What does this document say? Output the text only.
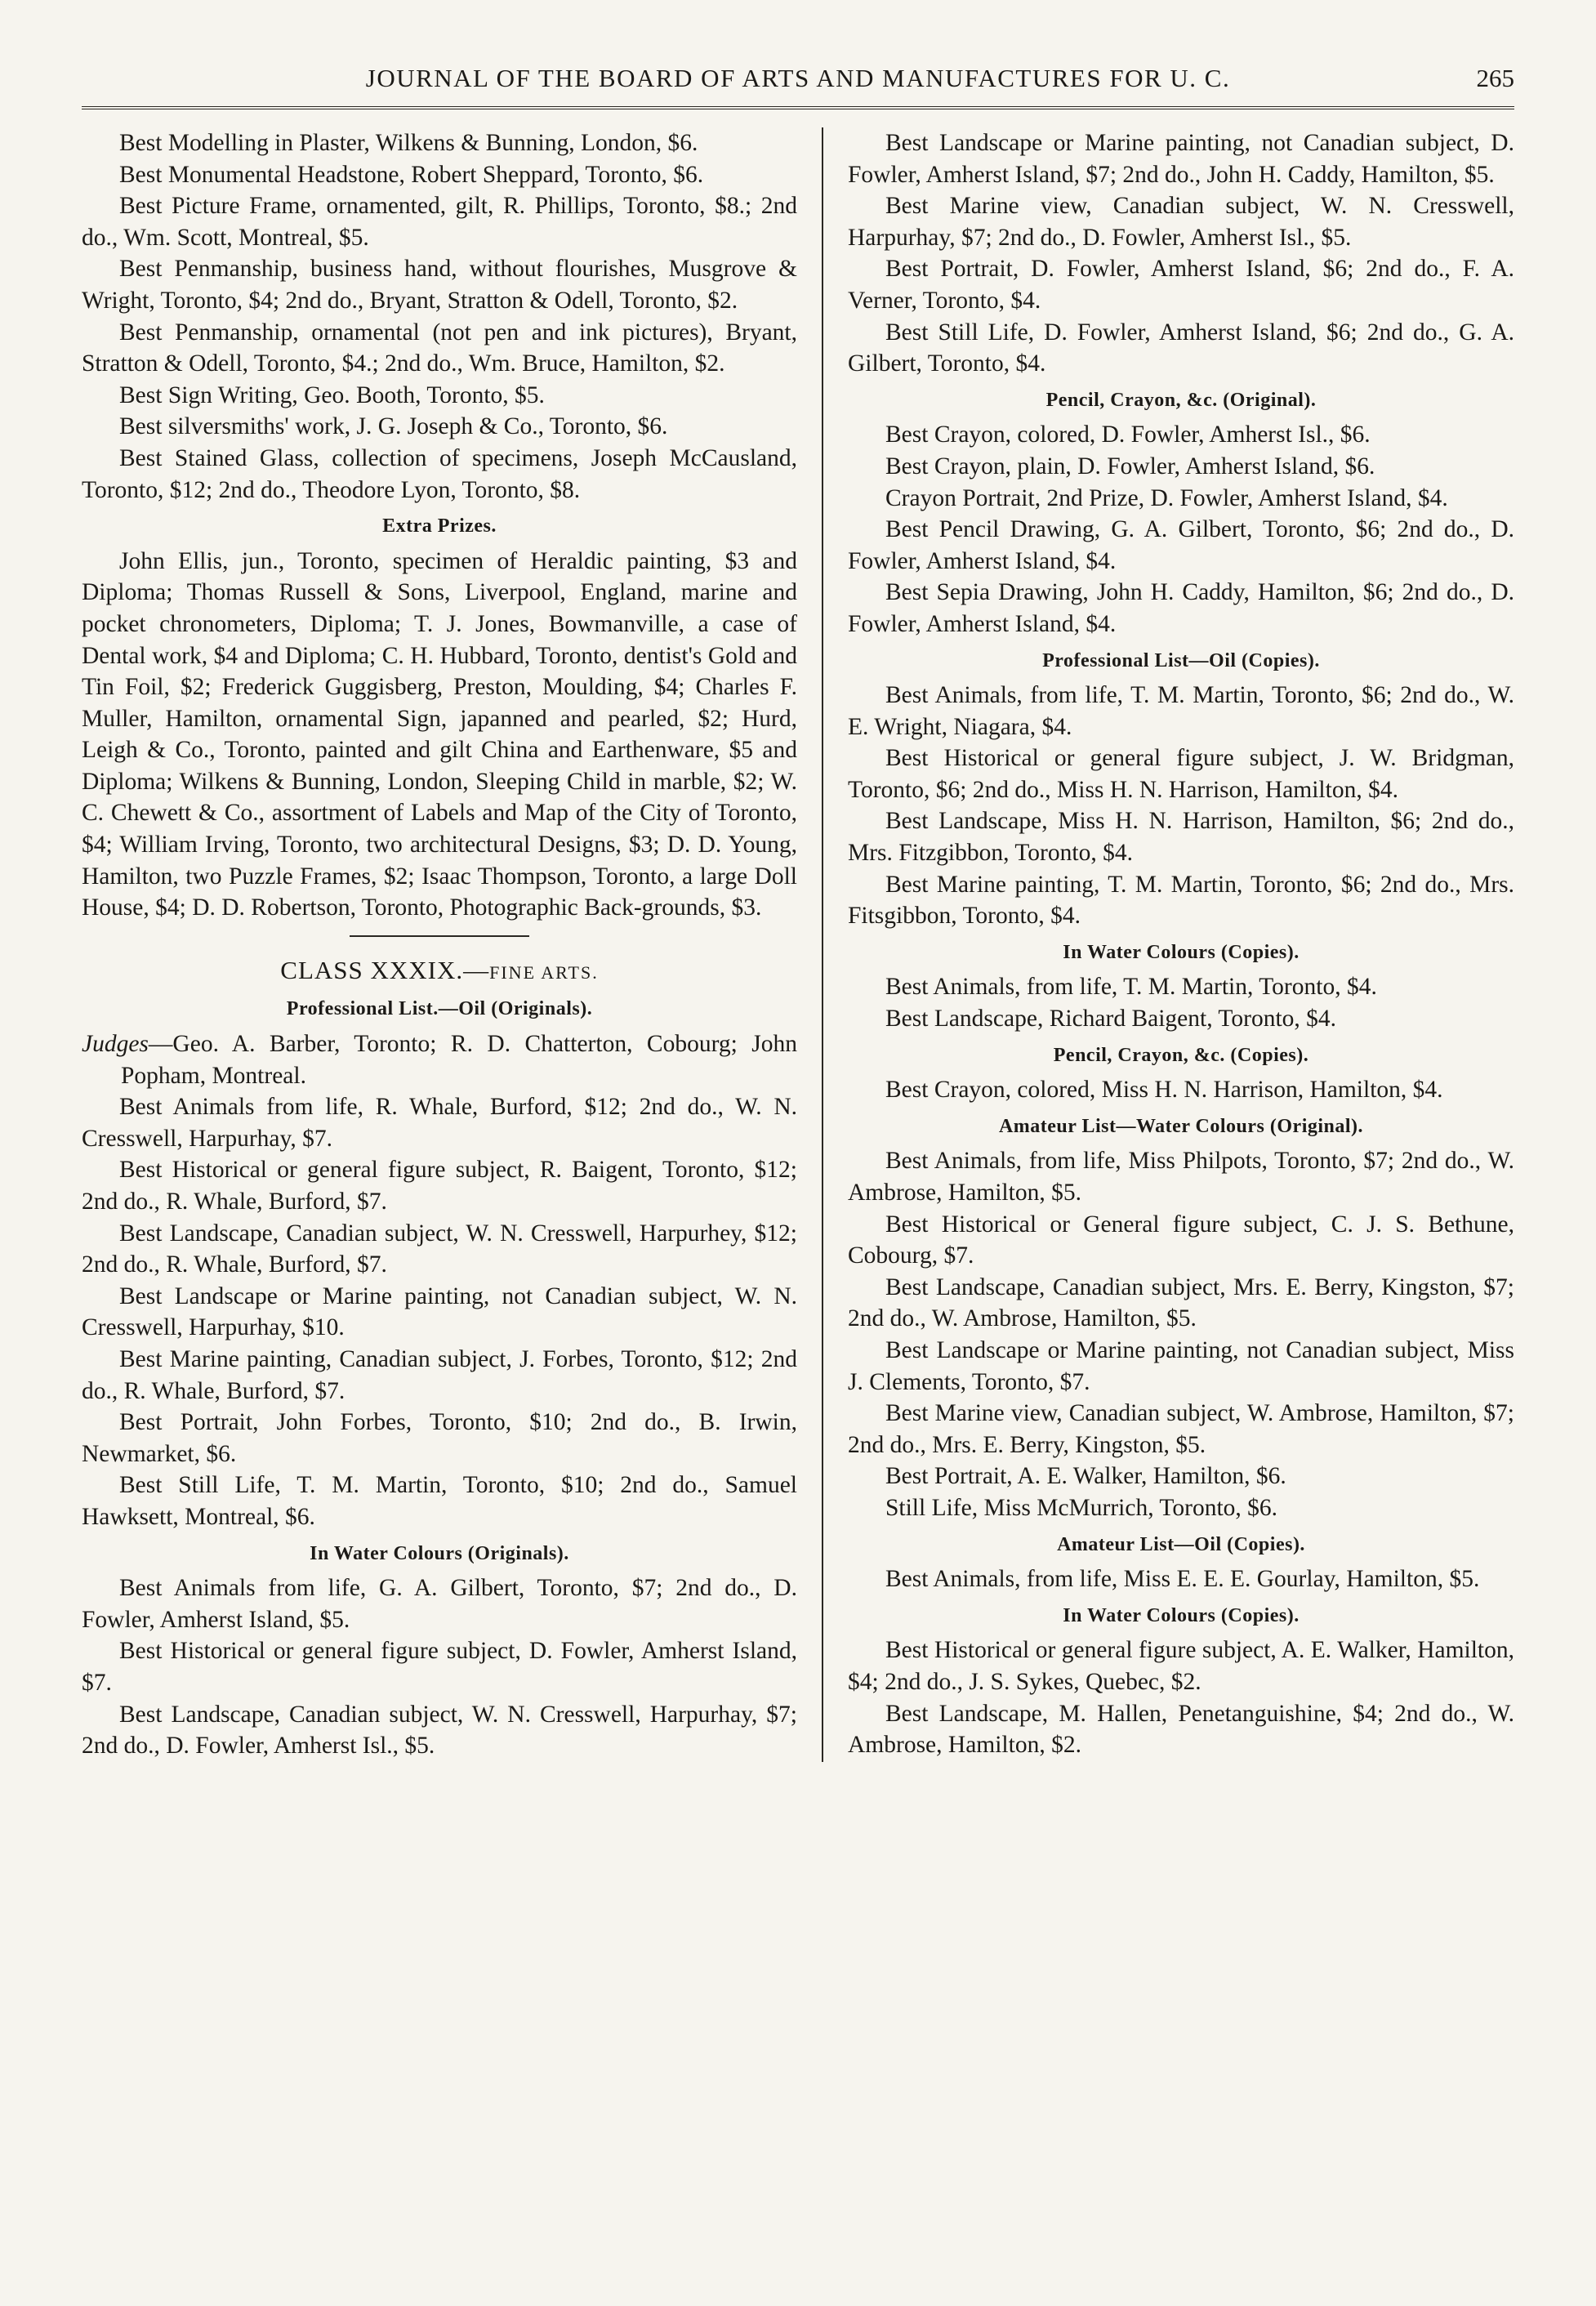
JOURNAL OF THE BOARD OF ARTS AND MANUFACTURES FOR U. C.	265

Best Modelling in Plaster, Wilkens & Bunning, London, $6.

Best Monumental Headstone, Robert Sheppard, Toronto, $6.

Best Picture Frame, ornamented, gilt, R. Phillips, Toronto, $8.; 2nd do., Wm. Scott, Montreal, $5.

Best Penmanship, business hand, without flourishes, Musgrove & Wright, Toronto, $4; 2nd do., Bryant, Stratton & Odell, Toronto, $2.

Best Penmanship, ornamental (not pen and ink pictures), Bryant, Stratton & Odell, Toronto, $4.; 2nd do., Wm. Bruce, Hamilton, $2.

Best Sign Writing, Geo. Booth, Toronto, $5.

Best silversmiths' work, J. G. Joseph & Co., Toronto, $6.

Best Stained Glass, collection of specimens, Joseph McCausland, Toronto, $12; 2nd do., Theodore Lyon, Toronto, $8.

Extra Prizes.

John Ellis, jun., Toronto, specimen of Heraldic painting, $3 and Diploma; Thomas Russell & Sons, Liverpool, England, marine and pocket chronometers, Diploma; T. J. Jones, Bowmanville, a case of Dental work, $4 and Diploma; C. H. Hubbard, Toronto, dentist's Gold and Tin Foil, $2; Frederick Guggisberg, Preston, Moulding, $4; Charles F. Muller, Hamilton, ornamental Sign, japanned and pearled, $2; Hurd, Leigh & Co., Toronto, painted and gilt China and Earthenware, $5 and Diploma; Wilkens & Bunning, London, Sleeping Child in marble, $2; W. C. Chewett & Co., assortment of Labels and Map of the City of Toronto, $4; William Irving, Toronto, two architectural Designs, $3; D. D. Young, Hamilton, two Puzzle Frames, $2; Isaac Thompson, Toronto, a large Doll House, $4; D. D. Robertson, Toronto, Photographic Back-grounds, $3.

CLASS XXXIX.—FINE ARTS.
Professional List.—Oil (Originals).

Judges—Geo. A. Barber, Toronto; R. D. Chatterton, Cobourg; John Popham, Montreal.

Best Animals from life, R. Whale, Burford, $12; 2nd do., W. N. Cresswell, Harpurhay, $7.

Best Historical or general figure subject, R. Baigent, Toronto, $12; 2nd do., R. Whale, Burford, $7.

Best Landscape, Canadian subject, W. N. Cresswell, Harpurhey, $12; 2nd do., R. Whale, Burford, $7.

Best Landscape or Marine painting, not Canadian subject, W. N. Cresswell, Harpurhay, $10.

Best Marine painting, Canadian subject, J. Forbes, Toronto, $12; 2nd do., R. Whale, Burford, $7.

Best Portrait, John Forbes, Toronto, $10; 2nd do., B. Irwin, Newmarket, $6.

Best Still Life, T. M. Martin, Toronto, $10; 2nd do., Samuel Hawksett, Montreal, $6.

In Water Colours (Originals).

Best Animals from life, G. A. Gilbert, Toronto, $7; 2nd do., D. Fowler, Amherst Island, $5.

Best Historical or general figure subject, D. Fowler, Amherst Island, $7.

Best Landscape, Canadian subject, W. N. Cresswell, Harpurhay, $7; 2nd do., D. Fowler, Amherst Isl., $5.

Best Landscape or Marine painting, not Canadian subject, D. Fowler, Amherst Island, $7; 2nd do., John H. Caddy, Hamilton, $5.

Best Marine view, Canadian subject, W. N. Cresswell, Harpurhay, $7; 2nd do., D. Fowler, Amherst Isl., $5.

Best Portrait, D. Fowler, Amherst Island, $6; 2nd do., F. A. Verner, Toronto, $4.

Best Still Life, D. Fowler, Amherst Island, $6; 2nd do., G. A. Gilbert, Toronto, $4.

Pencil, Crayon, &c. (Original).

Best Crayon, colored, D. Fowler, Amherst Isl., $6.

Best Crayon, plain, D. Fowler, Amherst Island, $6.

Crayon Portrait, 2nd Prize, D. Fowler, Amherst Island, $4.

Best Pencil Drawing, G. A. Gilbert, Toronto, $6; 2nd do., D. Fowler, Amherst Island, $4.

Best Sepia Drawing, John H. Caddy, Hamilton, $6; 2nd do., D. Fowler, Amherst Island, $4.

Professional List—Oil (Copies).

Best Animals, from life, T. M. Martin, Toronto, $6; 2nd do., W. E. Wright, Niagara, $4.

Best Historical or general figure subject, J. W. Bridgman, Toronto, $6; 2nd do., Miss H. N. Harrison, Hamilton, $4.

Best Landscape, Miss H. N. Harrison, Hamilton, $6; 2nd do., Mrs. Fitzgibbon, Toronto, $4.

Best Marine painting, T. M. Martin, Toronto, $6; 2nd do., Mrs. Fitsgibbon, Toronto, $4.

In Water Colours (Copies).

Best Animals, from life, T. M. Martin, Toronto, $4.

Best Landscape, Richard Baigent, Toronto, $4.

Pencil, Crayon, &c. (Copies).

Best Crayon, colored, Miss H. N. Harrison, Hamilton, $4.

Amateur List—Water Colours (Original).

Best Animals, from life, Miss Philpots, Toronto, $7; 2nd do., W. Ambrose, Hamilton, $5.

Best Historical or General figure subject, C. J. S. Bethune, Cobourg, $7.

Best Landscape, Canadian subject, Mrs. E. Berry, Kingston, $7; 2nd do., W. Ambrose, Hamilton, $5.

Best Landscape or Marine painting, not Canadian subject, Miss J. Clements, Toronto, $7.

Best Marine view, Canadian subject, W. Ambrose, Hamilton, $7; 2nd do., Mrs. E. Berry, Kingston, $5.

Best Portrait, A. E. Walker, Hamilton, $6.

Still Life, Miss McMurrich, Toronto, $6.

Amateur List—Oil (Copies).

Best Animals, from life, Miss E. E. E. Gourlay, Hamilton, $5.

In Water Colours (Copies).

Best Historical or general figure subject, A. E. Walker, Hamilton, $4; 2nd do., J. S. Sykes, Quebec, $2.

Best Landscape, M. Hallen, Penetanguishine, $4; 2nd do., W. Ambrose, Hamilton, $2.
